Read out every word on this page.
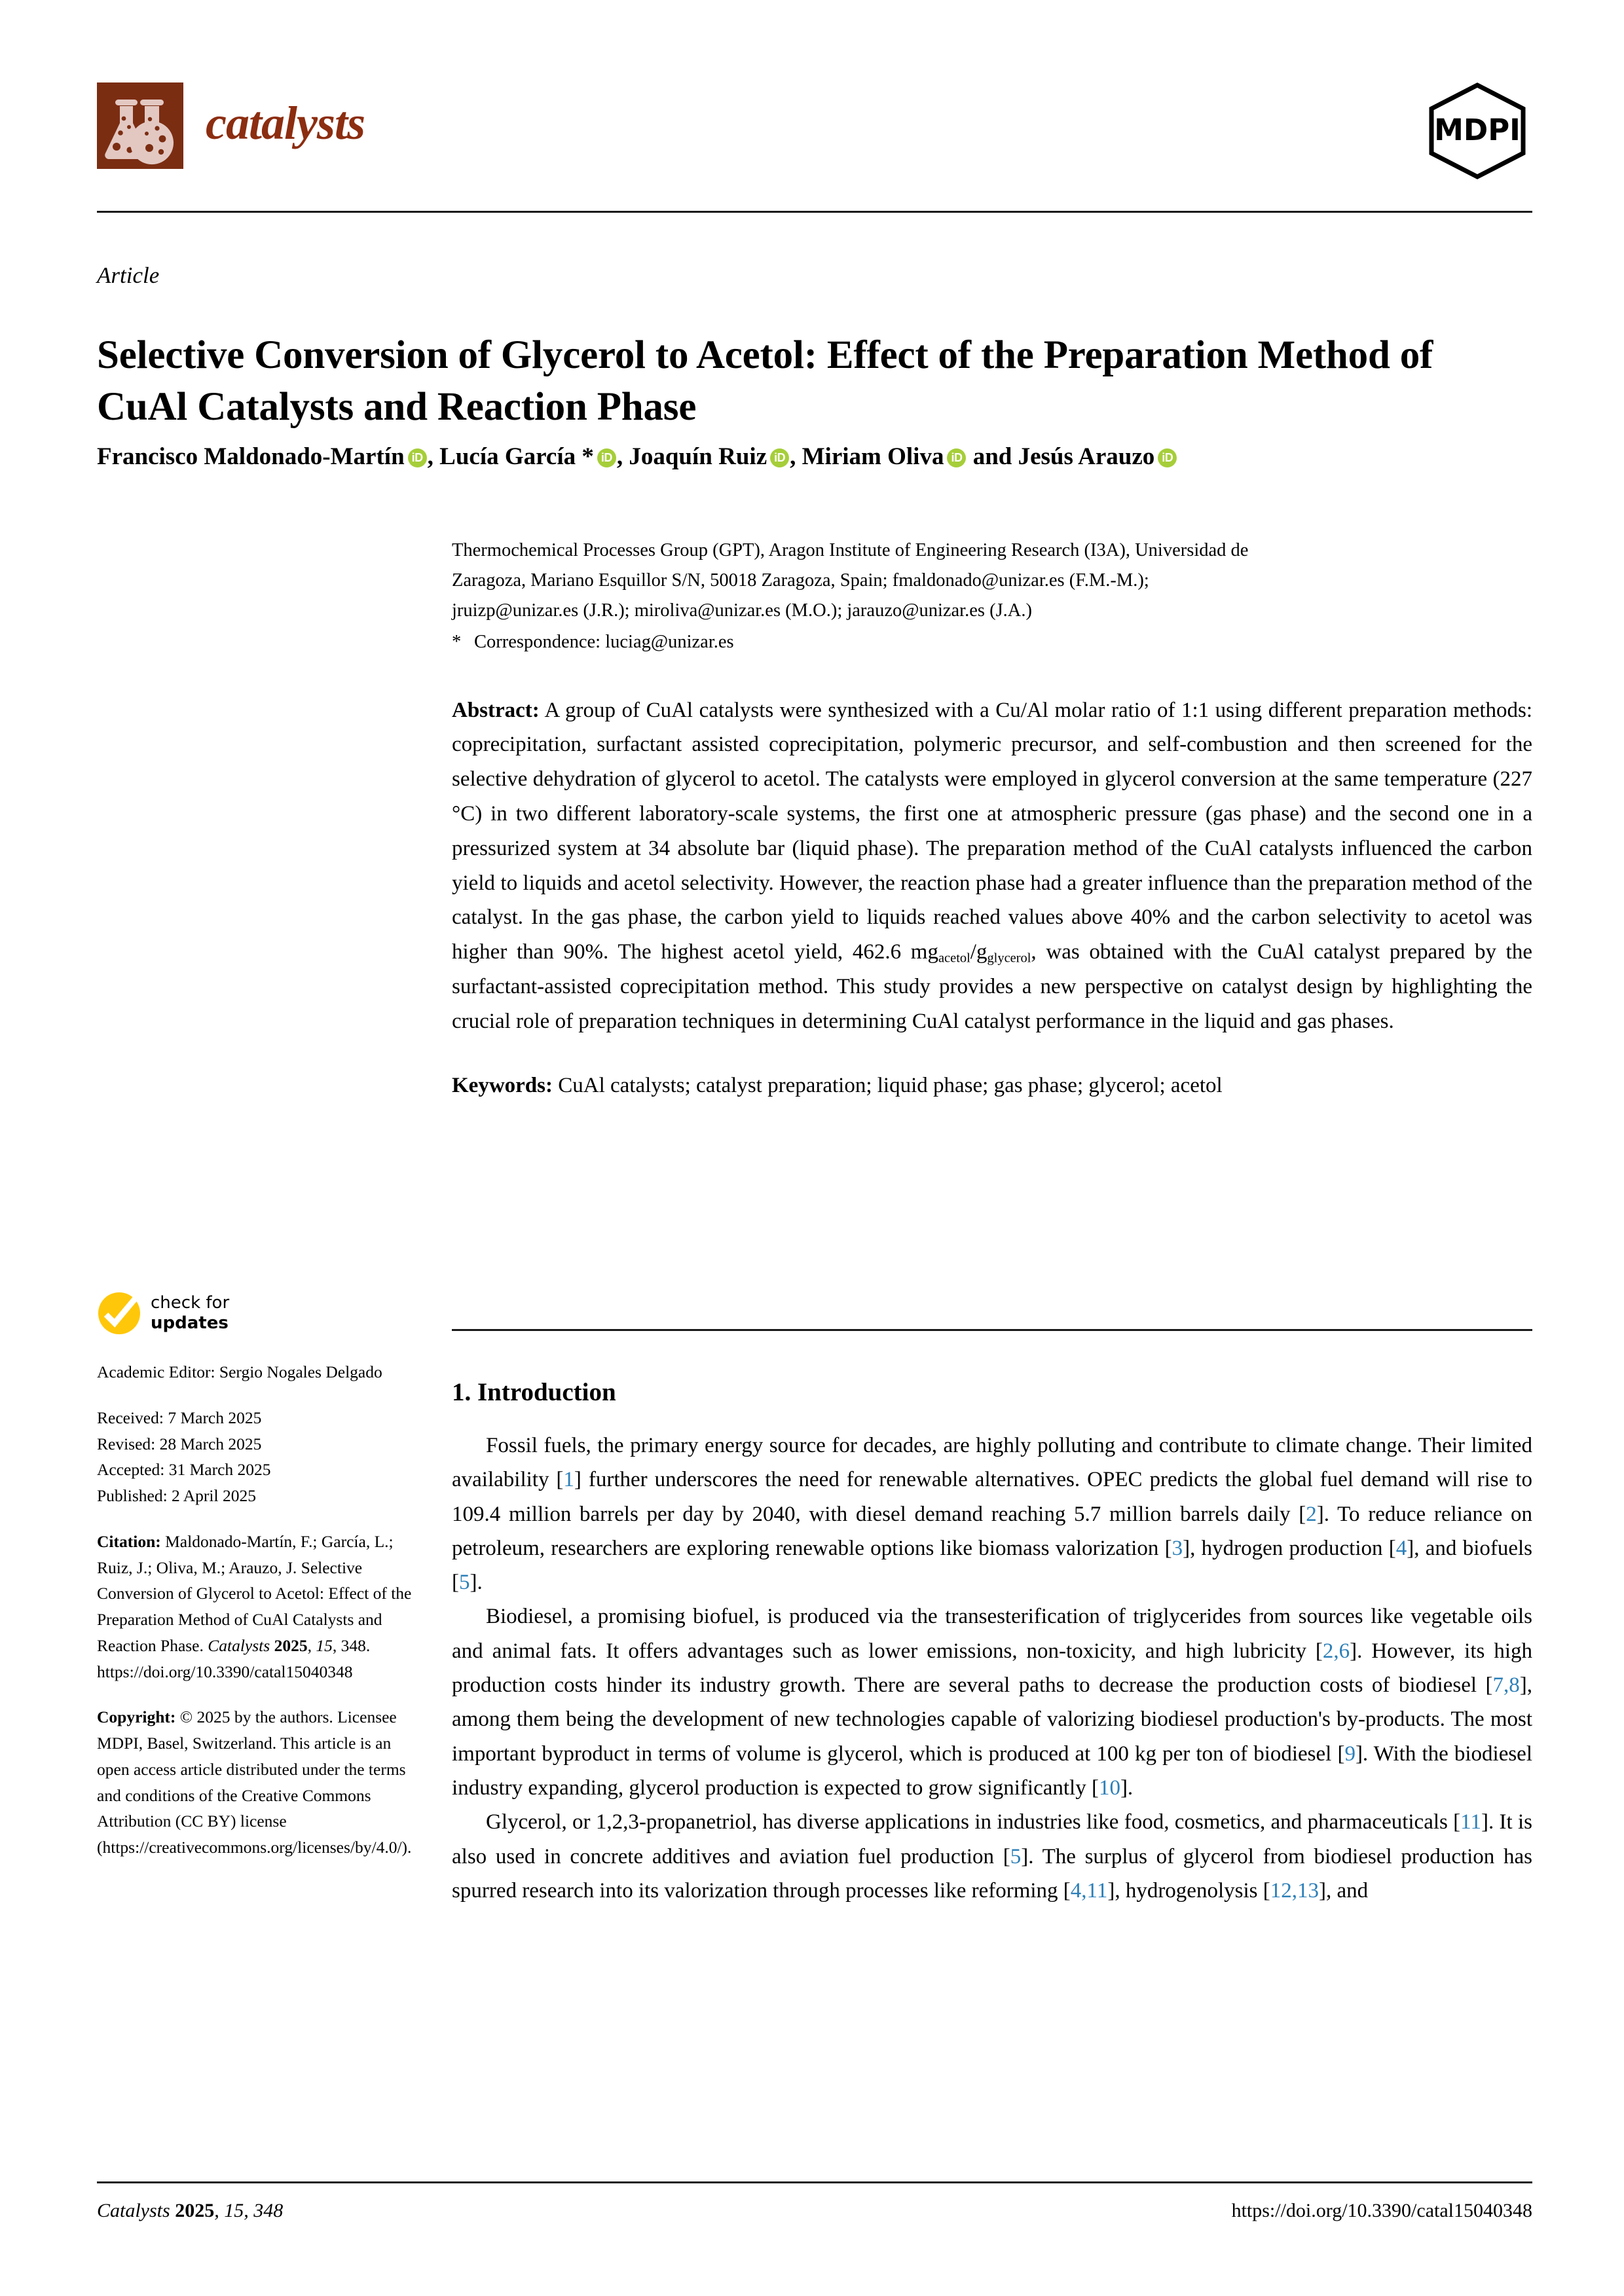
catalysts	MDPI
Article
Selective Conversion of Glycerol to Acetol: Effect of the Preparation Method of CuAl Catalysts and Reaction Phase
Francisco Maldonado-Martín iD , Lucía García * iD , Joaquín Ruiz iD , Miriam Oliva iD and Jesús Arauzo iD
Thermochemical Processes Group (GPT), Aragon Institute of Engineering Research (I3A), Universidad de
Zaragoza, Mariano Esquillor S/N, 50018 Zaragoza, Spain; fmaldonado@unizar.es (F.M.-M.);
jruizp@unizar.es (J.R.); miroliva@unizar.es (M.O.); jarauzo@unizar.es (J.A.)
* Correspondence: luciag@unizar.es
Abstract: A group of CuAl catalysts were synthesized with a Cu/Al molar ratio of 1:1 using different preparation methods: coprecipitation, surfactant assisted coprecipitation, polymeric precursor, and self-combustion and then screened for the selective dehydration of glycerol to acetol. The catalysts were employed in glycerol conversion at the same temperature (227 °C) in two different laboratory-scale systems, the first one at atmospheric pressure (gas phase) and the second one in a pressurized system at 34 absolute bar (liquid phase). The preparation method of the CuAl catalysts influenced the carbon yield to liquids and acetol selectivity. However, the reaction phase had a greater influence than the preparation method of the catalyst. In the gas phase, the carbon yield to liquids reached values above 40% and the carbon selectivity to acetol was higher than 90%. The highest acetol yield, 462.6 $mg_{acetol}/g_{glycerol}$, was obtained with the CuAl catalyst prepared by the surfactant-assisted coprecipitation method. This study provides a new perspective on catalyst design by highlighting the crucial role of preparation techniques in determining CuAl catalyst performance in the liquid and gas phases.
Keywords: CuAl catalysts; catalyst preparation; liquid phase; gas phase; glycerol; acetol
1. Introduction

Fossil fuels, the primary energy source for decades, are highly polluting and contribute to climate change. Their limited availability [1] further underscores the need for renewable alternatives. OPEC predicts the global fuel demand will rise to 109.4 million barrels per day by 2040, with diesel demand reaching 5.7 million barrels daily [2]. To reduce reliance on petroleum, researchers are exploring renewable options like biomass valorization [3], hydrogen production [4], and biofuels [5].

Biodiesel, a promising biofuel, is produced via the transesterification of triglycerides from sources like vegetable oils and animal fats. It offers advantages such as lower emissions, non-toxicity, and high lubricity [2,6]. However, its high production costs hinder its industry growth. There are several paths to decrease the production costs of biodiesel [7,8], among them being the development of new technologies capable of valorizing biodiesel production's by-products. The most important byproduct in terms of volume is glycerol, which is produced at 100 kg per ton of biodiesel [9]. With the biodiesel industry expanding, glycerol production is expected to grow significantly [10].

Glycerol, or 1,2,3-propanetriol, has diverse applications in industries like food, cosmetics, and pharmaceuticals [11]. It is also used in concrete additives and aviation fuel production [5]. The surplus of glycerol from biodiesel production has spurred research into its valorization through processes like reforming [4,11], hydrogenolysis [12,13], and

check for
updates
Academic Editor: Sergio Nogales Delgado
Received: 7 March 2025
Revised: 28 March 2025
Accepted: 31 March 2025
Published: 2 April 2025
Citation: Maldonado-Martín, F.; García, L.; Ruiz, J.; Oliva, M.; Arauzo, J. Selective Conversion of Glycerol to Acetol: Effect of the Preparation Method of CuAl Catalysts and Reaction Phase. Catalysts 2025, 15, 348. https://doi.org/10.3390/catal15040348
Copyright: © 2025 by the authors. Licensee MDPI, Basel, Switzerland. This article is an open access article distributed under the terms and conditions of the Creative Commons Attribution (CC BY) license (https://creativecommons.org/licenses/by/4.0/).
Catalysts 2025, 15, 348	https://doi.org/10.3390/catal15040348
